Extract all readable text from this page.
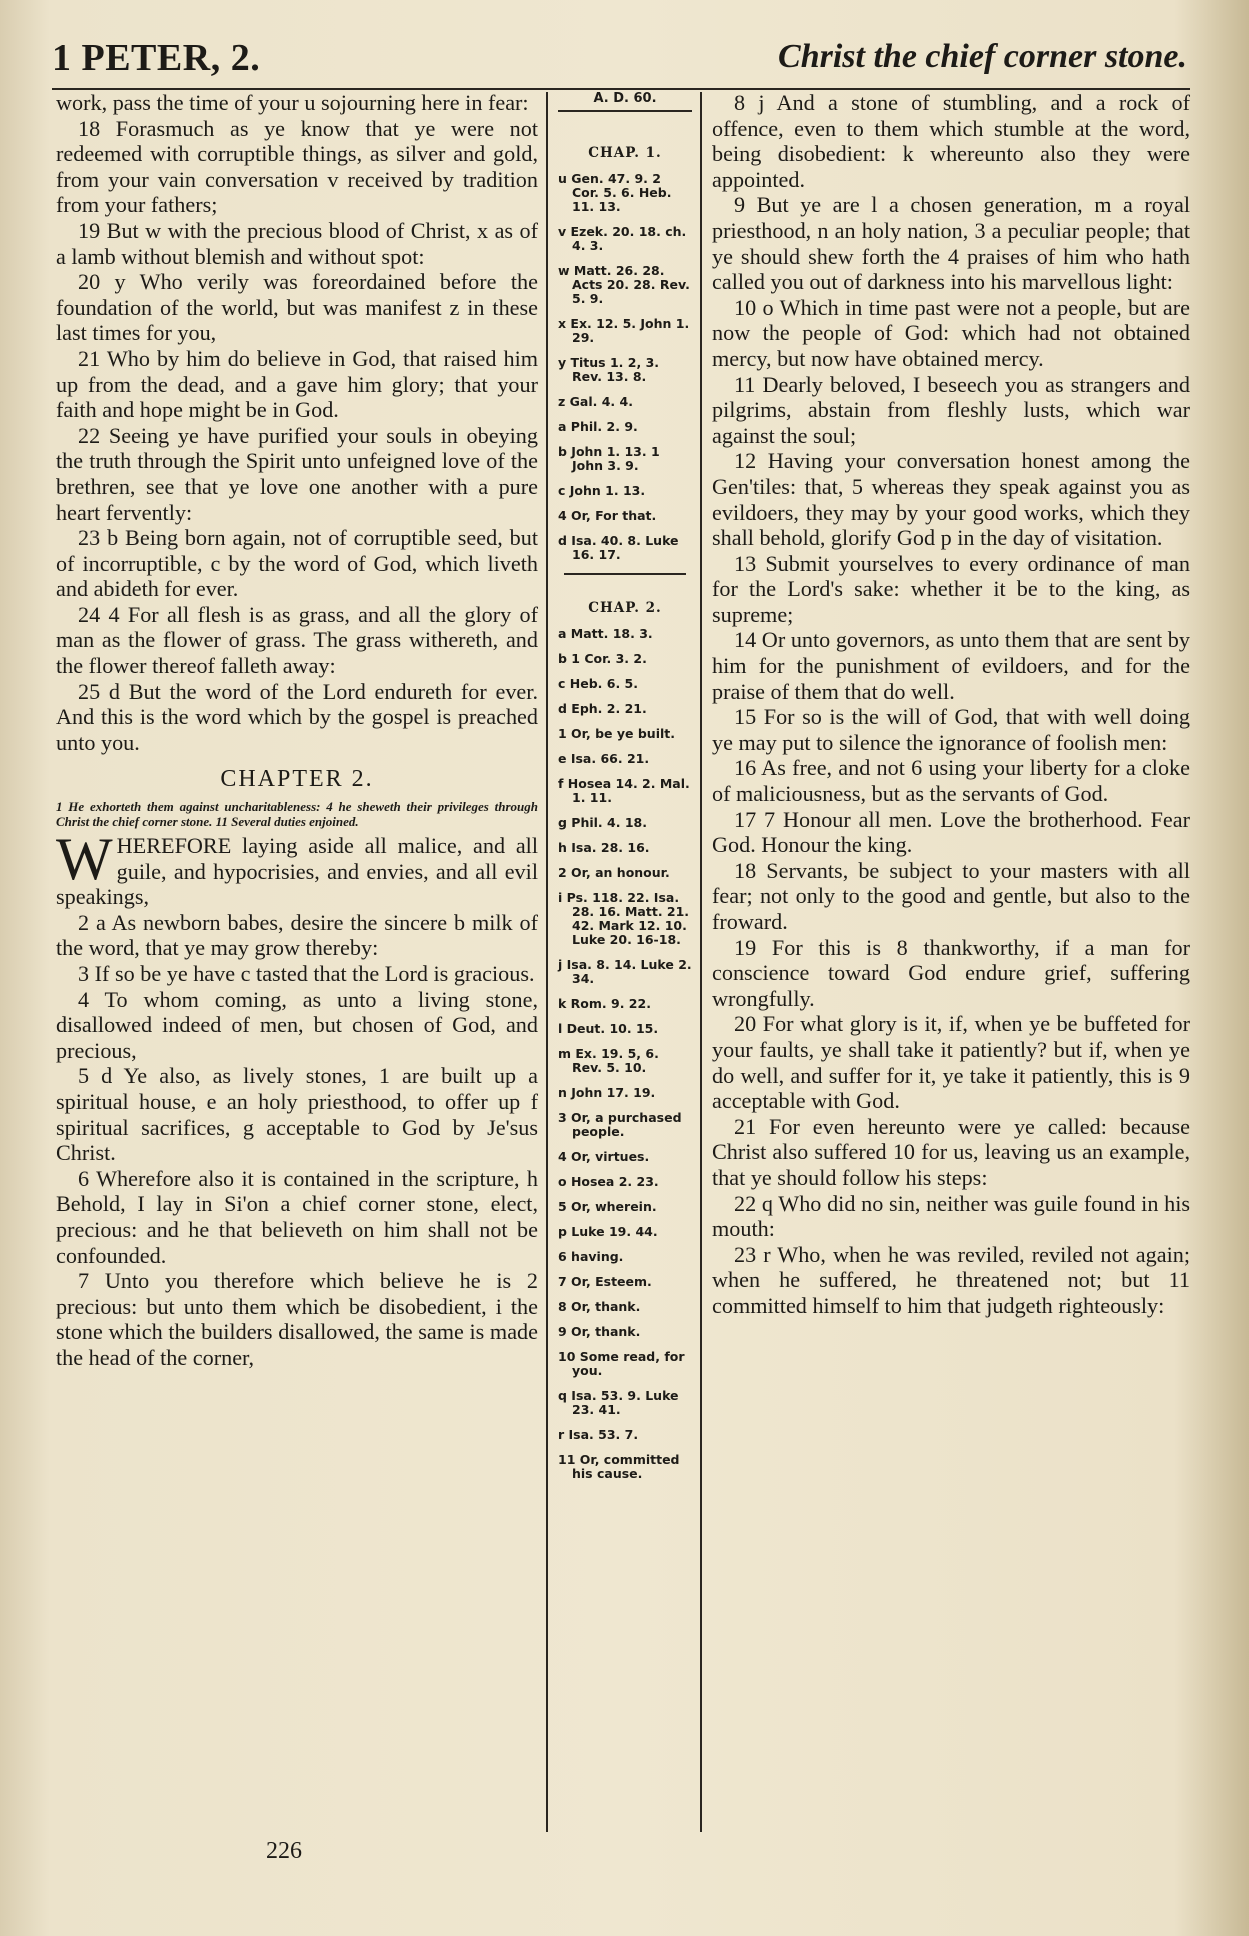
1 PETER, 2.	Christ the chief corner stone.

work, pass the time of your u sojourning here in fear:

18 Forasmuch as ye know that ye were not redeemed with corruptible things, as silver and gold, from your vain conversation v received by tradition from your fathers;

19 But w with the precious blood of Christ, x as of a lamb without blemish and without spot:

20 y Who verily was foreordained before the foundation of the world, but was manifest z in these last times for you,

21 Who by him do believe in God, that raised him up from the dead, and a gave him glory; that your faith and hope might be in God.

22 Seeing ye have purified your souls in obeying the truth through the Spirit unto unfeigned love of the brethren, see that ye love one another with a pure heart fervently:

23 b Being born again, not of corruptible seed, but of incorruptible, c by the word of God, which liveth and abideth for ever.

24 4 For all flesh is as grass, and all the glory of man as the flower of grass. The grass withereth, and the flower thereof falleth away:

25 d But the word of the Lord endureth for ever. And this is the word which by the gospel is preached unto you.

CHAPTER 2.
1 He exhorteth them against uncharitableness: 4 he sheweth their privileges through Christ the chief corner stone. 11 Several duties enjoined.

WHEREFORE laying aside all malice, and all guile, and hypocrisies, and envies, and all evil speakings,

2 a As newborn babes, desire the sincere b milk of the word, that ye may grow thereby:

3 If so be ye have c tasted that the Lord is gracious.

4 To whom coming, as unto a living stone, disallowed indeed of men, but chosen of God, and precious,

5 d Ye also, as lively stones, 1 are built up a spiritual house, e an holy priesthood, to offer up f spiritual sacrifices, g acceptable to God by Je'sus Christ.

6 Wherefore also it is contained in the scripture, h Behold, I lay in Si'on a chief corner stone, elect, precious: and he that believeth on him shall not be confounded.

7 Unto you therefore which believe he is 2 precious: but unto them which be disobedient, i the stone which the builders disallowed, the same is made the head of the corner,

A. D. 60.
CHAP. 1.
u Gen. 47. 9. 2 Cor. 5. 6. Heb. 11. 13.
v Ezek. 20. 18. ch. 4. 3.
w Matt. 26. 28. Acts 20. 28. Rev. 5. 9.
x Ex. 12. 5. John 1. 29.
y Titus 1. 2, 3. Rev. 13. 8.
z Gal. 4. 4.
a Phil. 2. 9.
b John 1. 13. 1 John 3. 9.
c John 1. 13.
4 Or, For that.
d Isa. 40. 8. Luke 16. 17.
CHAP. 2.
a Matt. 18. 3.
b 1 Cor. 3. 2.
c Heb. 6. 5.
d Eph. 2. 21.
1 Or, be ye built.
e Isa. 66. 21.
f Hosea 14. 2. Mal. 1. 11.
g Phil. 4. 18.
h Isa. 28. 16.
2 Or, an honour.
i Ps. 118. 22. Isa. 28. 16. Matt. 21. 42. Mark 12. 10. Luke 20. 16-18.
j Isa. 8. 14. Luke 2. 34.
k Rom. 9. 22.
l Deut. 10. 15.
m Ex. 19. 5, 6. Rev. 5. 10.
n John 17. 19.
3 Or, a purchased people.
4 Or, virtues.
o Hosea 2. 23.
5 Or, wherein.
p Luke 19. 44.
6 having.
7 Or, Esteem.
8 Or, thank.
9 Or, thank.
10 Some read, for you.
q Isa. 53. 9. Luke 23. 41.
r Isa. 53. 7.
11 Or, committed his cause.

8 j And a stone of stumbling, and a rock of offence, even to them which stumble at the word, being disobedient: k whereunto also they were appointed.

9 But ye are l a chosen generation, m a royal priesthood, n an holy nation, 3 a peculiar people; that ye should shew forth the 4 praises of him who hath called you out of darkness into his marvellous light:

10 o Which in time past were not a people, but are now the people of God: which had not obtained mercy, but now have obtained mercy.

11 Dearly beloved, I beseech you as strangers and pilgrims, abstain from fleshly lusts, which war against the soul;

12 Having your conversation honest among the Gen'tiles: that, 5 whereas they speak against you as evildoers, they may by your good works, which they shall behold, glorify God p in the day of visitation.

13 Submit yourselves to every ordinance of man for the Lord's sake: whether it be to the king, as supreme;

14 Or unto governors, as unto them that are sent by him for the punishment of evildoers, and for the praise of them that do well.

15 For so is the will of God, that with well doing ye may put to silence the ignorance of foolish men:

16 As free, and not 6 using your liberty for a cloke of maliciousness, but as the servants of God.

17 7 Honour all men. Love the brotherhood. Fear God. Honour the king.

18 Servants, be subject to your masters with all fear; not only to the good and gentle, but also to the froward.

19 For this is 8 thankworthy, if a man for conscience toward God endure grief, suffering wrongfully.

20 For what glory is it, if, when ye be buffeted for your faults, ye shall take it patiently? but if, when ye do well, and suffer for it, ye take it patiently, this is 9 acceptable with God.

21 For even hereunto were ye called: because Christ also suffered 10 for us, leaving us an example, that ye should follow his steps:

22 q Who did no sin, neither was guile found in his mouth:

23 r Who, when he was reviled, reviled not again; when he suffered, he threatened not; but 11 committed himself to him that judgeth righteously:

226
